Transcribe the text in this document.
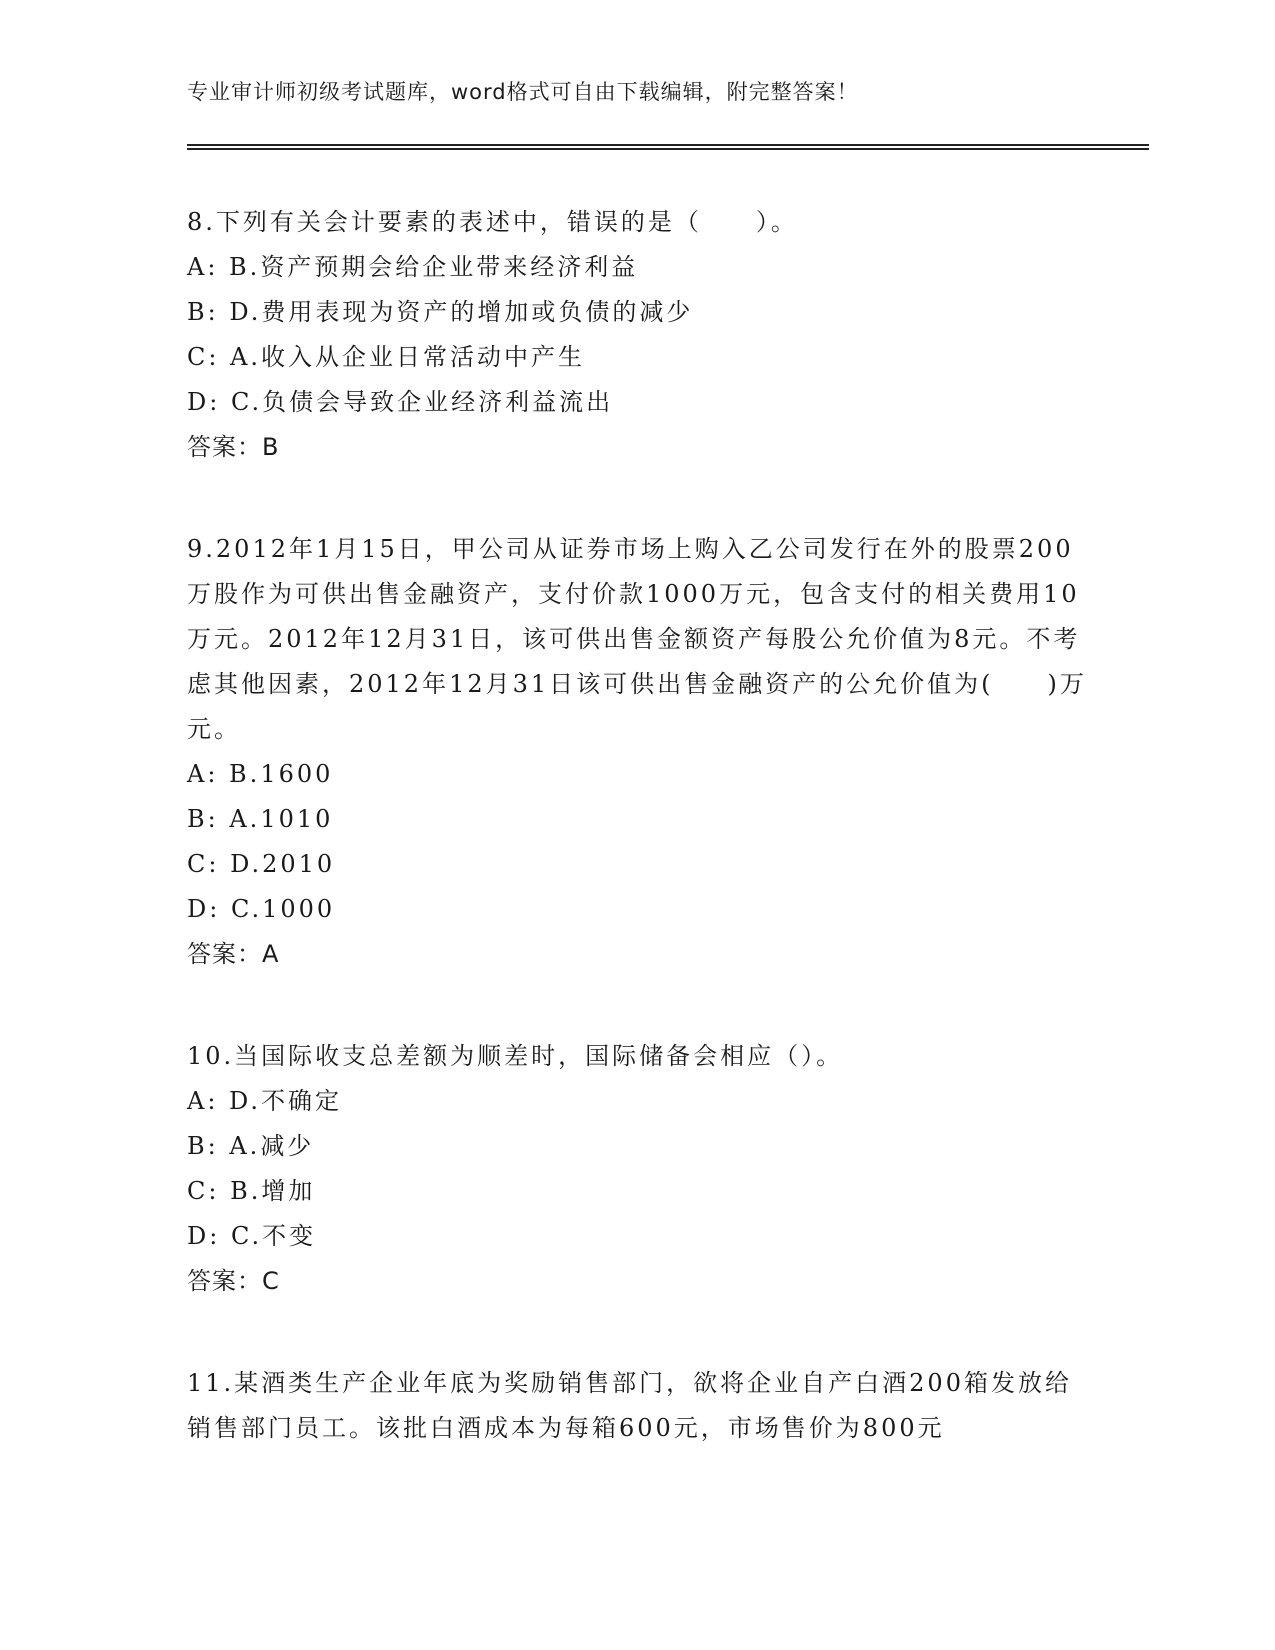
专业审计师初级考试题库，word格式可自由下载编辑，附完整答案！

8.下列有关会计要素的表述中，错误的是（　　）。

A: B.资产预期会给企业带来经济利益
B: D.费用表现为资产的增加或负债的减少
C: A.收入从企业日常活动中产生
D: C.负债会导致企业经济利益流出
答案：B

9.2012年1月15日，甲公司从证券市场上购入乙公司发行在外的股票200万股作为可供出售金融资产，支付价款1000万元，包含支付的相关费用10万元。2012年12月31日，该可供出售金额资产每股公允价值为8元。不考虑其他因素，2012年12月31日该可供出售金融资产的公允价值为(　　)万元。

A: B.1600
B: A.1010
C: D.2010
D: C.1000
答案：A

10.当国际收支总差额为顺差时，国际储备会相应（）。

A: D.不确定
B: A.减少
C: B.增加
D: C.不变
答案：C

11.某酒类生产企业年底为奖励销售部门，欲将企业自产白酒200箱发放给销售部门员工。该批白酒成本为每箱600元，市场售价为800元
